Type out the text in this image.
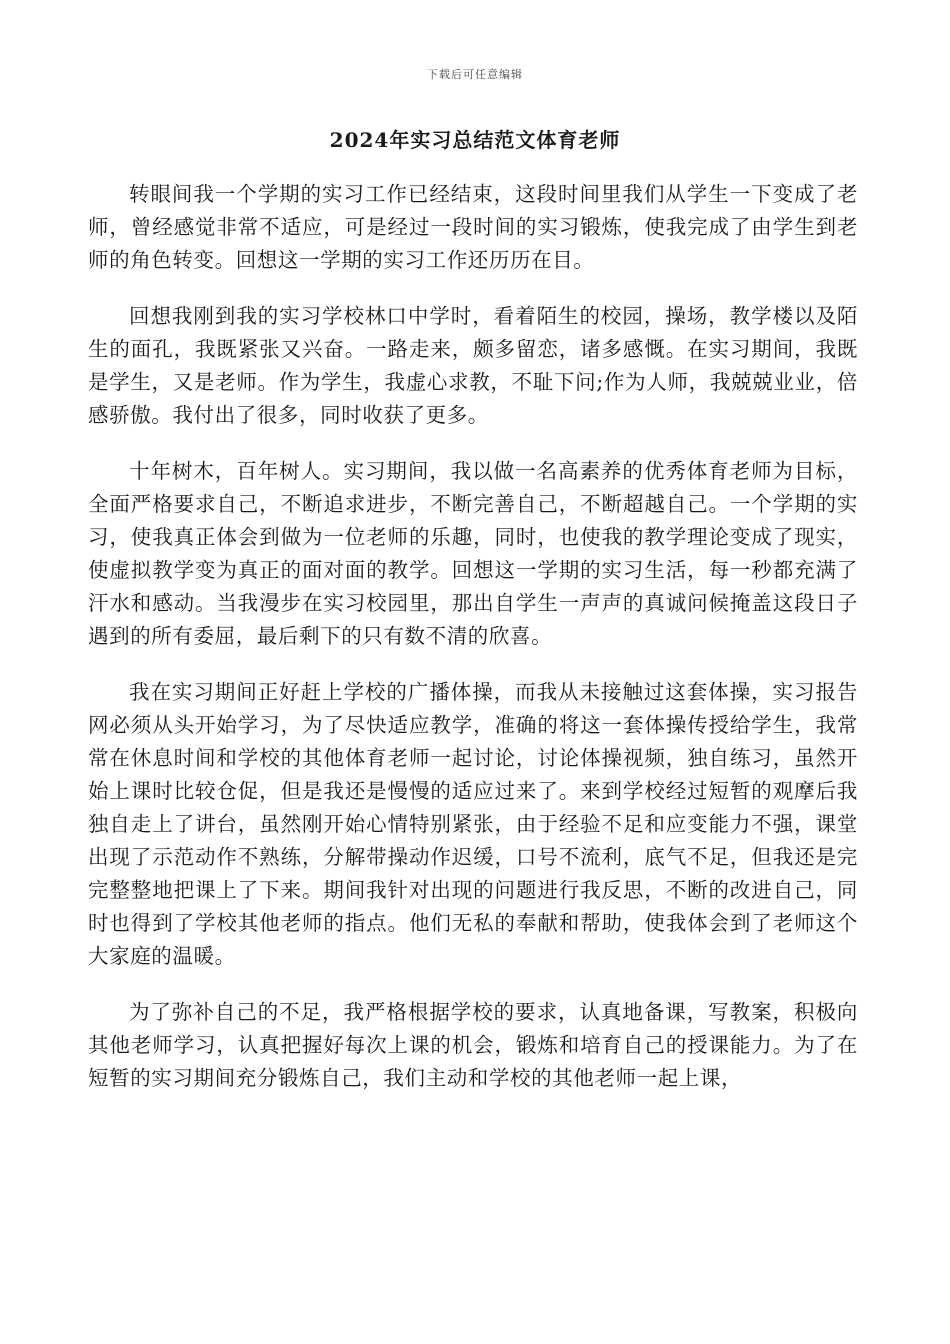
下载后可任意编辑
2024年实习总结范文体育老师

转眼间我一个学期的实习工作已经结束，这段时间里我们从学生一下变成了老师，曾经感觉非常不适应，可是经过一段时间的实习锻炼，使我完成了由学生到老师的角色转变。回想这一学期的实习工作还历历在目。

回想我刚到我的实习学校林口中学时，看着陌生的校园，操场，教学楼以及陌生的面孔，我既紧张又兴奋。一路走来，颇多留恋，诸多感慨。在实习期间，我既是学生，又是老师。作为学生，我虚心求教，不耻下问;作为人师，我兢兢业业，倍感骄傲。我付出了很多，同时收获了更多。

十年树木，百年树人。实习期间，我以做一名高素养的优秀体育老师为目标，全面严格要求自己，不断追求进步，不断完善自己，不断超越自己。一个学期的实习，使我真正体会到做为一位老师的乐趣，同时，也使我的教学理论变成了现实，使虚拟教学变为真正的面对面的教学。回想这一学期的实习生活，每一秒都充满了汗水和感动。当我漫步在实习校园里，那出自学生一声声的真诚问候掩盖这段日子遇到的所有委屈，最后剩下的只有数不清的欣喜。

我在实习期间正好赶上学校的广播体操，而我从未接触过这套体操，实习报告网必须从头开始学习，为了尽快适应教学，准确的将这一套体操传授给学生，我常常在休息时间和学校的其他体育老师一起讨论，讨论体操视频，独自练习，虽然开始上课时比较仓促，但是我还是慢慢的适应过来了。来到学校经过短暂的观摩后我独自走上了讲台，虽然刚开始心情特别紧张，由于经验不足和应变能力不强，课堂出现了示范动作不熟练，分解带操动作迟缓，口号不流利，底气不足，但我还是完完整整地把课上了下来。期间我针对出现的问题进行我反思，不断的改进自己，同时也得到了学校其他老师的指点。他们无私的奉献和帮助，使我体会到了老师这个大家庭的温暖。

为了弥补自己的不足，我严格根据学校的要求，认真地备课，写教案，积极向其他老师学习，认真把握好每次上课的机会，锻炼和培育自己的授课能力。为了在短暂的实习期间充分锻炼自己，我们主动和学校的其他老师一起上课，
